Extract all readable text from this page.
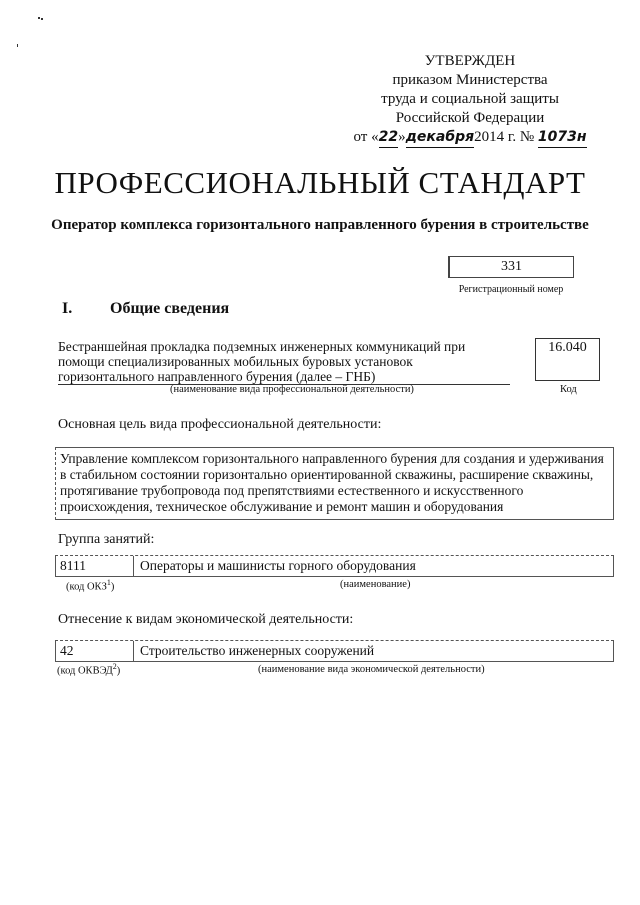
УТВЕРЖДЕН
приказом Министерства
труда и социальной защиты
Российской Федерации
от «22»декабря2014 г. № 1073н
ПРОФЕССИОНАЛЬНЫЙ СТАНДАРТ
Оператор комплекса горизонтального направленного бурения в строительстве
331
Регистрационный номер
I. Общие сведения
Бестраншейная прокладка подземных инженерных коммуникаций при помощи специализированных мобильных буровых установок горизонтального направленного бурения (далее – ГНБ)
16.040
(наименование вида профессиональной деятельности)	Код
Основная цель вида профессиональной деятельности:
Управление комплексом горизонтального направленного бурения для создания и удерживания в стабильном состоянии горизонтально ориентированной скважины, расширение скважины, протягивание трубопровода под препятствиями естественного и искусственного происхождения, техническое обслуживание и ремонт машин и оборудования
Группа занятий:
8111	Операторы и машинисты горного оборудования
(код ОКЗ$^1$)	(наименование)
Отнесение к видам экономической деятельности:
42	Строительство инженерных сооружений
(код ОКВЭД$^2$)	(наименование вида экономической деятельности)
